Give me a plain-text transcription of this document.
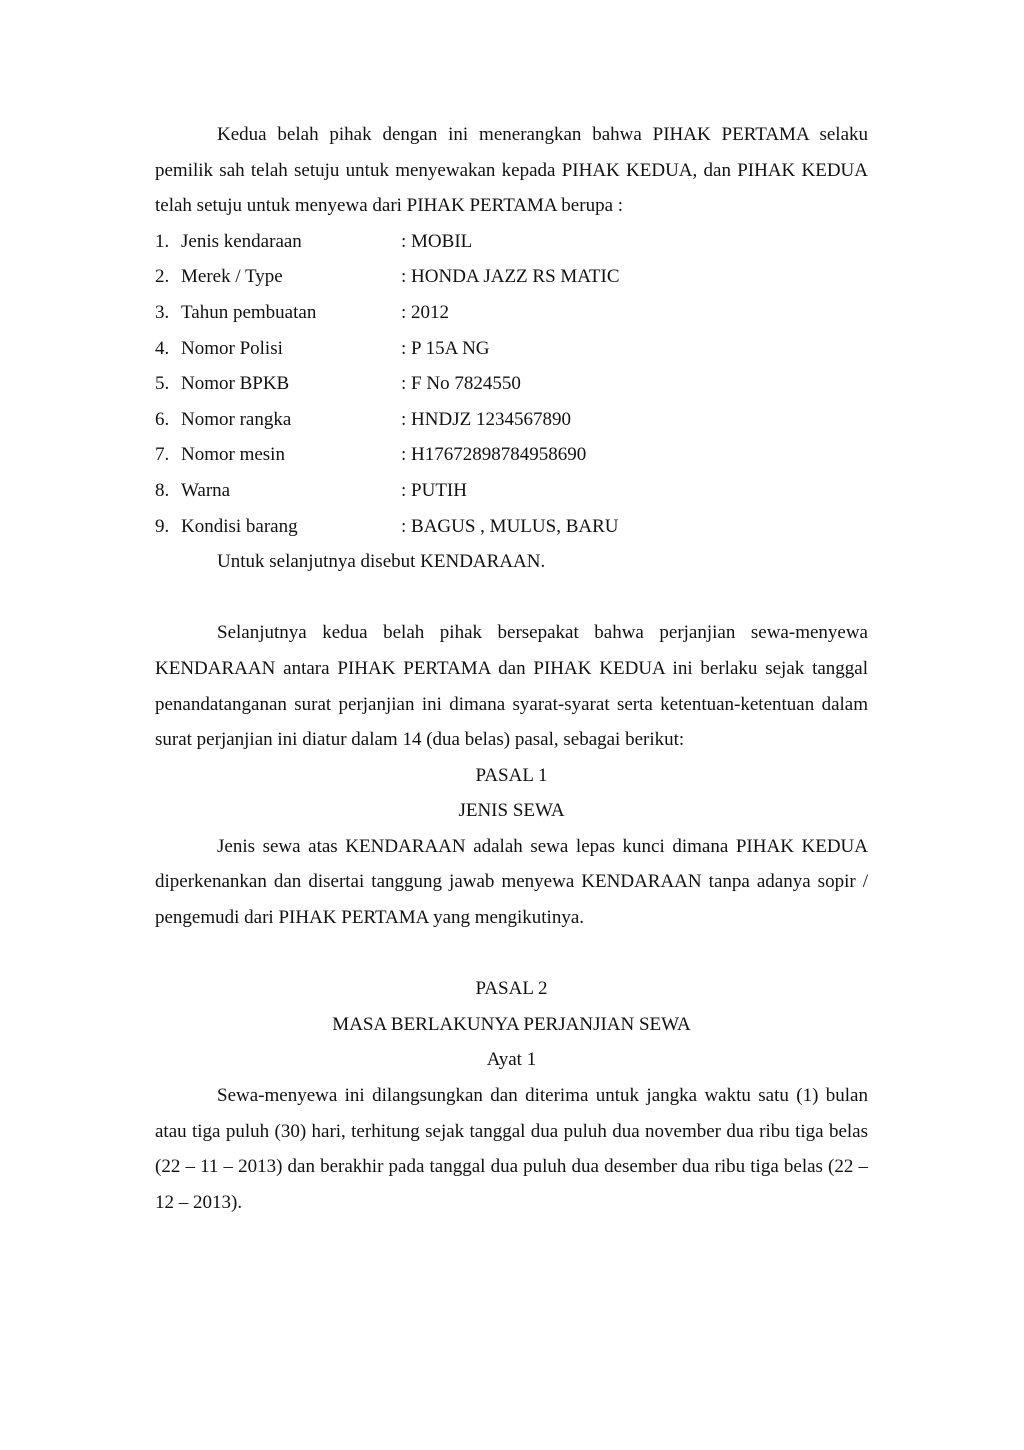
Kedua belah pihak dengan ini menerangkan bahwa PIHAK PERTAMA selaku pemilik sah telah setuju untuk menyewakan kepada PIHAK KEDUA, dan PIHAK KEDUA telah setuju untuk menyewa dari PIHAK PERTAMA berupa :

1. Jenis kendaraan	: MOBIL
2. Merek / Type	: HONDA JAZZ RS MATIC
3. Tahun pembuatan	: 2012
4. Nomor Polisi	: P 15A NG
5. Nomor BPKB	: F No 7824550
6. Nomor rangka	: HNDJZ 1234567890
7. Nomor mesin	: H17672898784958690
8. Warna	: PUTIH
9. Kondisi barang	: BAGUS , MULUS, BARU

Untuk selanjutnya disebut KENDARAAN.

Selanjutnya kedua belah pihak bersepakat bahwa perjanjian sewa-menyewa KENDARAAN antara PIHAK PERTAMA dan PIHAK KEDUA ini berlaku sejak tanggal penandatanganan surat perjanjian ini dimana syarat-syarat serta ketentuan-ketentuan dalam surat perjanjian ini diatur dalam 14 (dua belas) pasal, sebagai berikut:

PASAL 1

JENIS SEWA

Jenis sewa atas KENDARAAN adalah sewa lepas kunci dimana PIHAK KEDUA diperkenankan dan disertai tanggung jawab menyewa KENDARAAN tanpa adanya sopir / pengemudi dari PIHAK PERTAMA yang mengikutinya.

PASAL 2

MASA BERLAKUNYA PERJANJIAN SEWA

Ayat 1

Sewa-menyewa ini dilangsungkan dan diterima untuk jangka waktu satu (1) bulan atau tiga puluh (30) hari, terhitung sejak tanggal dua puluh dua november dua ribu tiga belas (22 – 11 – 2013) dan berakhir pada tanggal dua puluh dua desember dua ribu tiga belas (22 – 12 – 2013).
